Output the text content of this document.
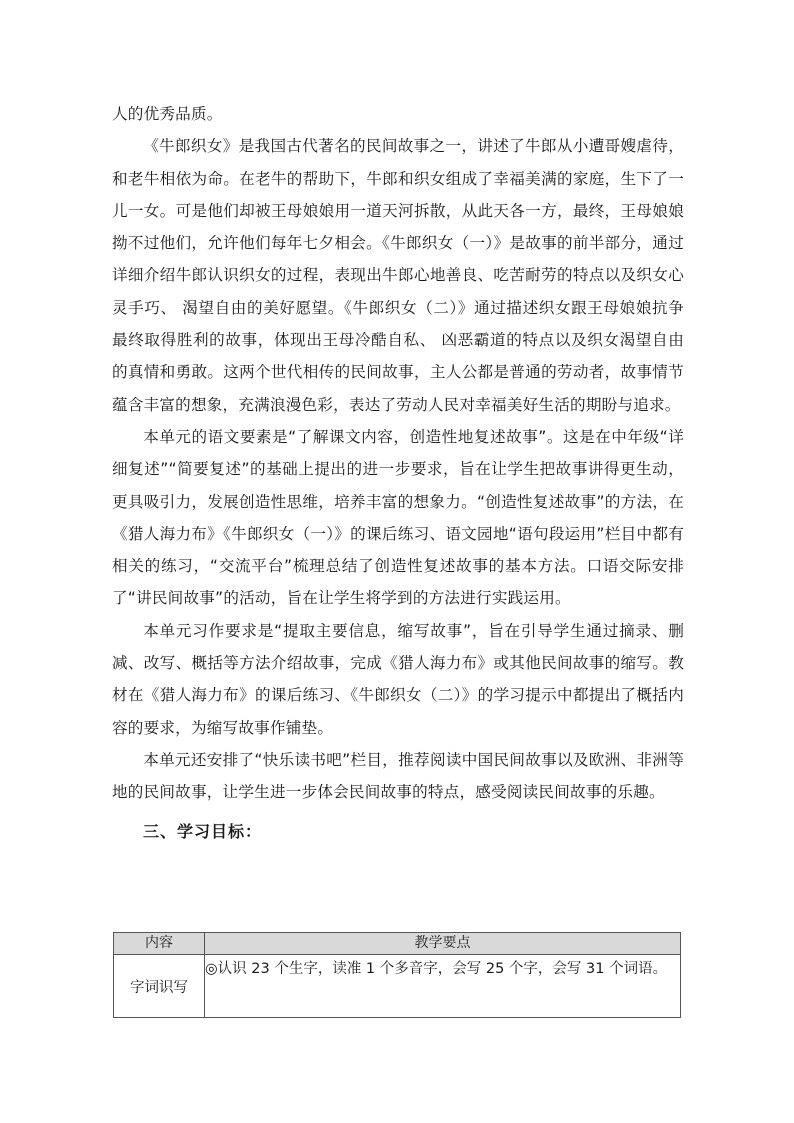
人的优秀品质。

《牛郎织女》是我国古代著名的民间故事之一，讲述了牛郎从小遭哥嫂虐待，和老牛相依为命。在老牛的帮助下，牛郎和织女组成了幸福美满的家庭，生下了一儿一女。可是他们却被王母娘娘用一道天河拆散，从此天各一方，最终，王母娘娘拗不过他们，允许他们每年七夕相会。《牛郎织女（一）》是故事的前半部分，通过详细介绍牛郎认识织女的过程，表现出牛郎心地善良、吃苦耐劳的特点以及织女心灵手巧、 渴望自由的美好愿望。《牛郎织女（二）》通过描述织女跟王母娘娘抗争最终取得胜利的故事，体现出王母冷酷自私、 凶恶霸道的特点以及织女渴望自由的真情和勇敢。这两个世代相传的民间故事，主人公都是普通的劳动者，故事情节蕴含丰富的想象，充满浪漫色彩，表达了劳动人民对幸福美好生活的期盼与追求。

本单元的语文要素是“了解课文内容，创造性地复述故事”。这是在中年级“详细复述”“简要复述”的基础上提出的进一步要求，旨在让学生把故事讲得更生动，更具吸引力，发展创造性思维，培养丰富的想象力。“创造性复述故事”的方法，在《猎人海力布》《牛郎织女（一）》的课后练习、语文园地“语句段运用”栏目中都有相关的练习，“交流平台”梳理总结了创造性复述故事的基本方法。口语交际安排了“讲民间故事”的活动，旨在让学生将学到的方法进行实践运用。

本单元习作要求是“提取主要信息，缩写故事”，旨在引导学生通过摘录、删减、改写、概括等方法介绍故事，完成《猎人海力布》或其他民间故事的缩写。教材在《猎人海力布》的课后练习、《牛郎织女（二）》的学习提示中都提出了概括内容的要求，为缩写故事作铺垫。

本单元还安排了“快乐读书吧”栏目，推荐阅读中国民间故事以及欧洲、非洲等地的民间故事，让学生进一步体会民间故事的特点，感受阅读民间故事的乐趣。

三、学习目标：
内容	教学要点
字词识写	◎认识 23 个生字，读准 1 个多音字，会写 25 个字，会写 31 个词语。
